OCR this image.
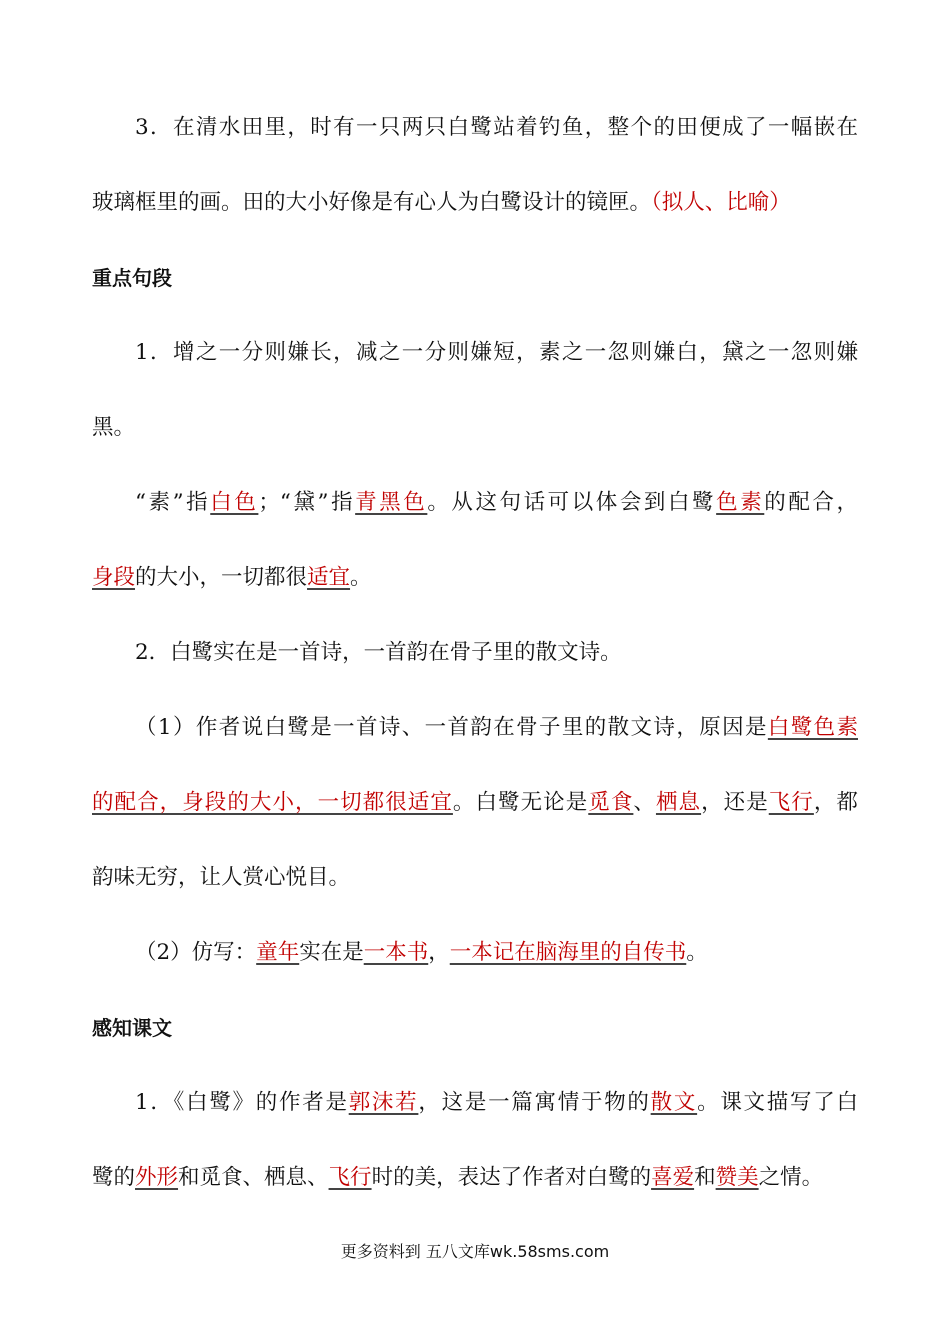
3．在清水田里，时有一只两只白鹭站着钓鱼，整个的田便成了一幅嵌在
玻璃框里的画。田的大小好像是有心人为白鹭设计的镜匣。（拟人、比喻）
重点句段
1．增之一分则嫌长，减之一分则嫌短，素之一忽则嫌白，黛之一忽则嫌
黑。
“素”指白色；“黛”指青黑色。从这句话可以体会到白鹭色素的配合，
身段的大小，一切都很适宜。
2．白鹭实在是一首诗，一首韵在骨子里的散文诗。
（1）作者说白鹭是一首诗、一首韵在骨子里的散文诗，原因是白鹭色素
的配合，身段的大小，一切都很适宜。白鹭无论是觅食、栖息，还是飞行，都
韵味无穷，让人赏心悦目。
（2）仿写：童年实在是一本书，一本记在脑海里的自传书。
感知课文
1．《白鹭》的作者是郭沫若，这是一篇寓情于物的散文。课文描写了白
鹭的外形和觅食、栖息、飞行时的美，表达了作者对白鹭的喜爱和赞美之情。
更多资料到 五八文库wk.58sms.com
